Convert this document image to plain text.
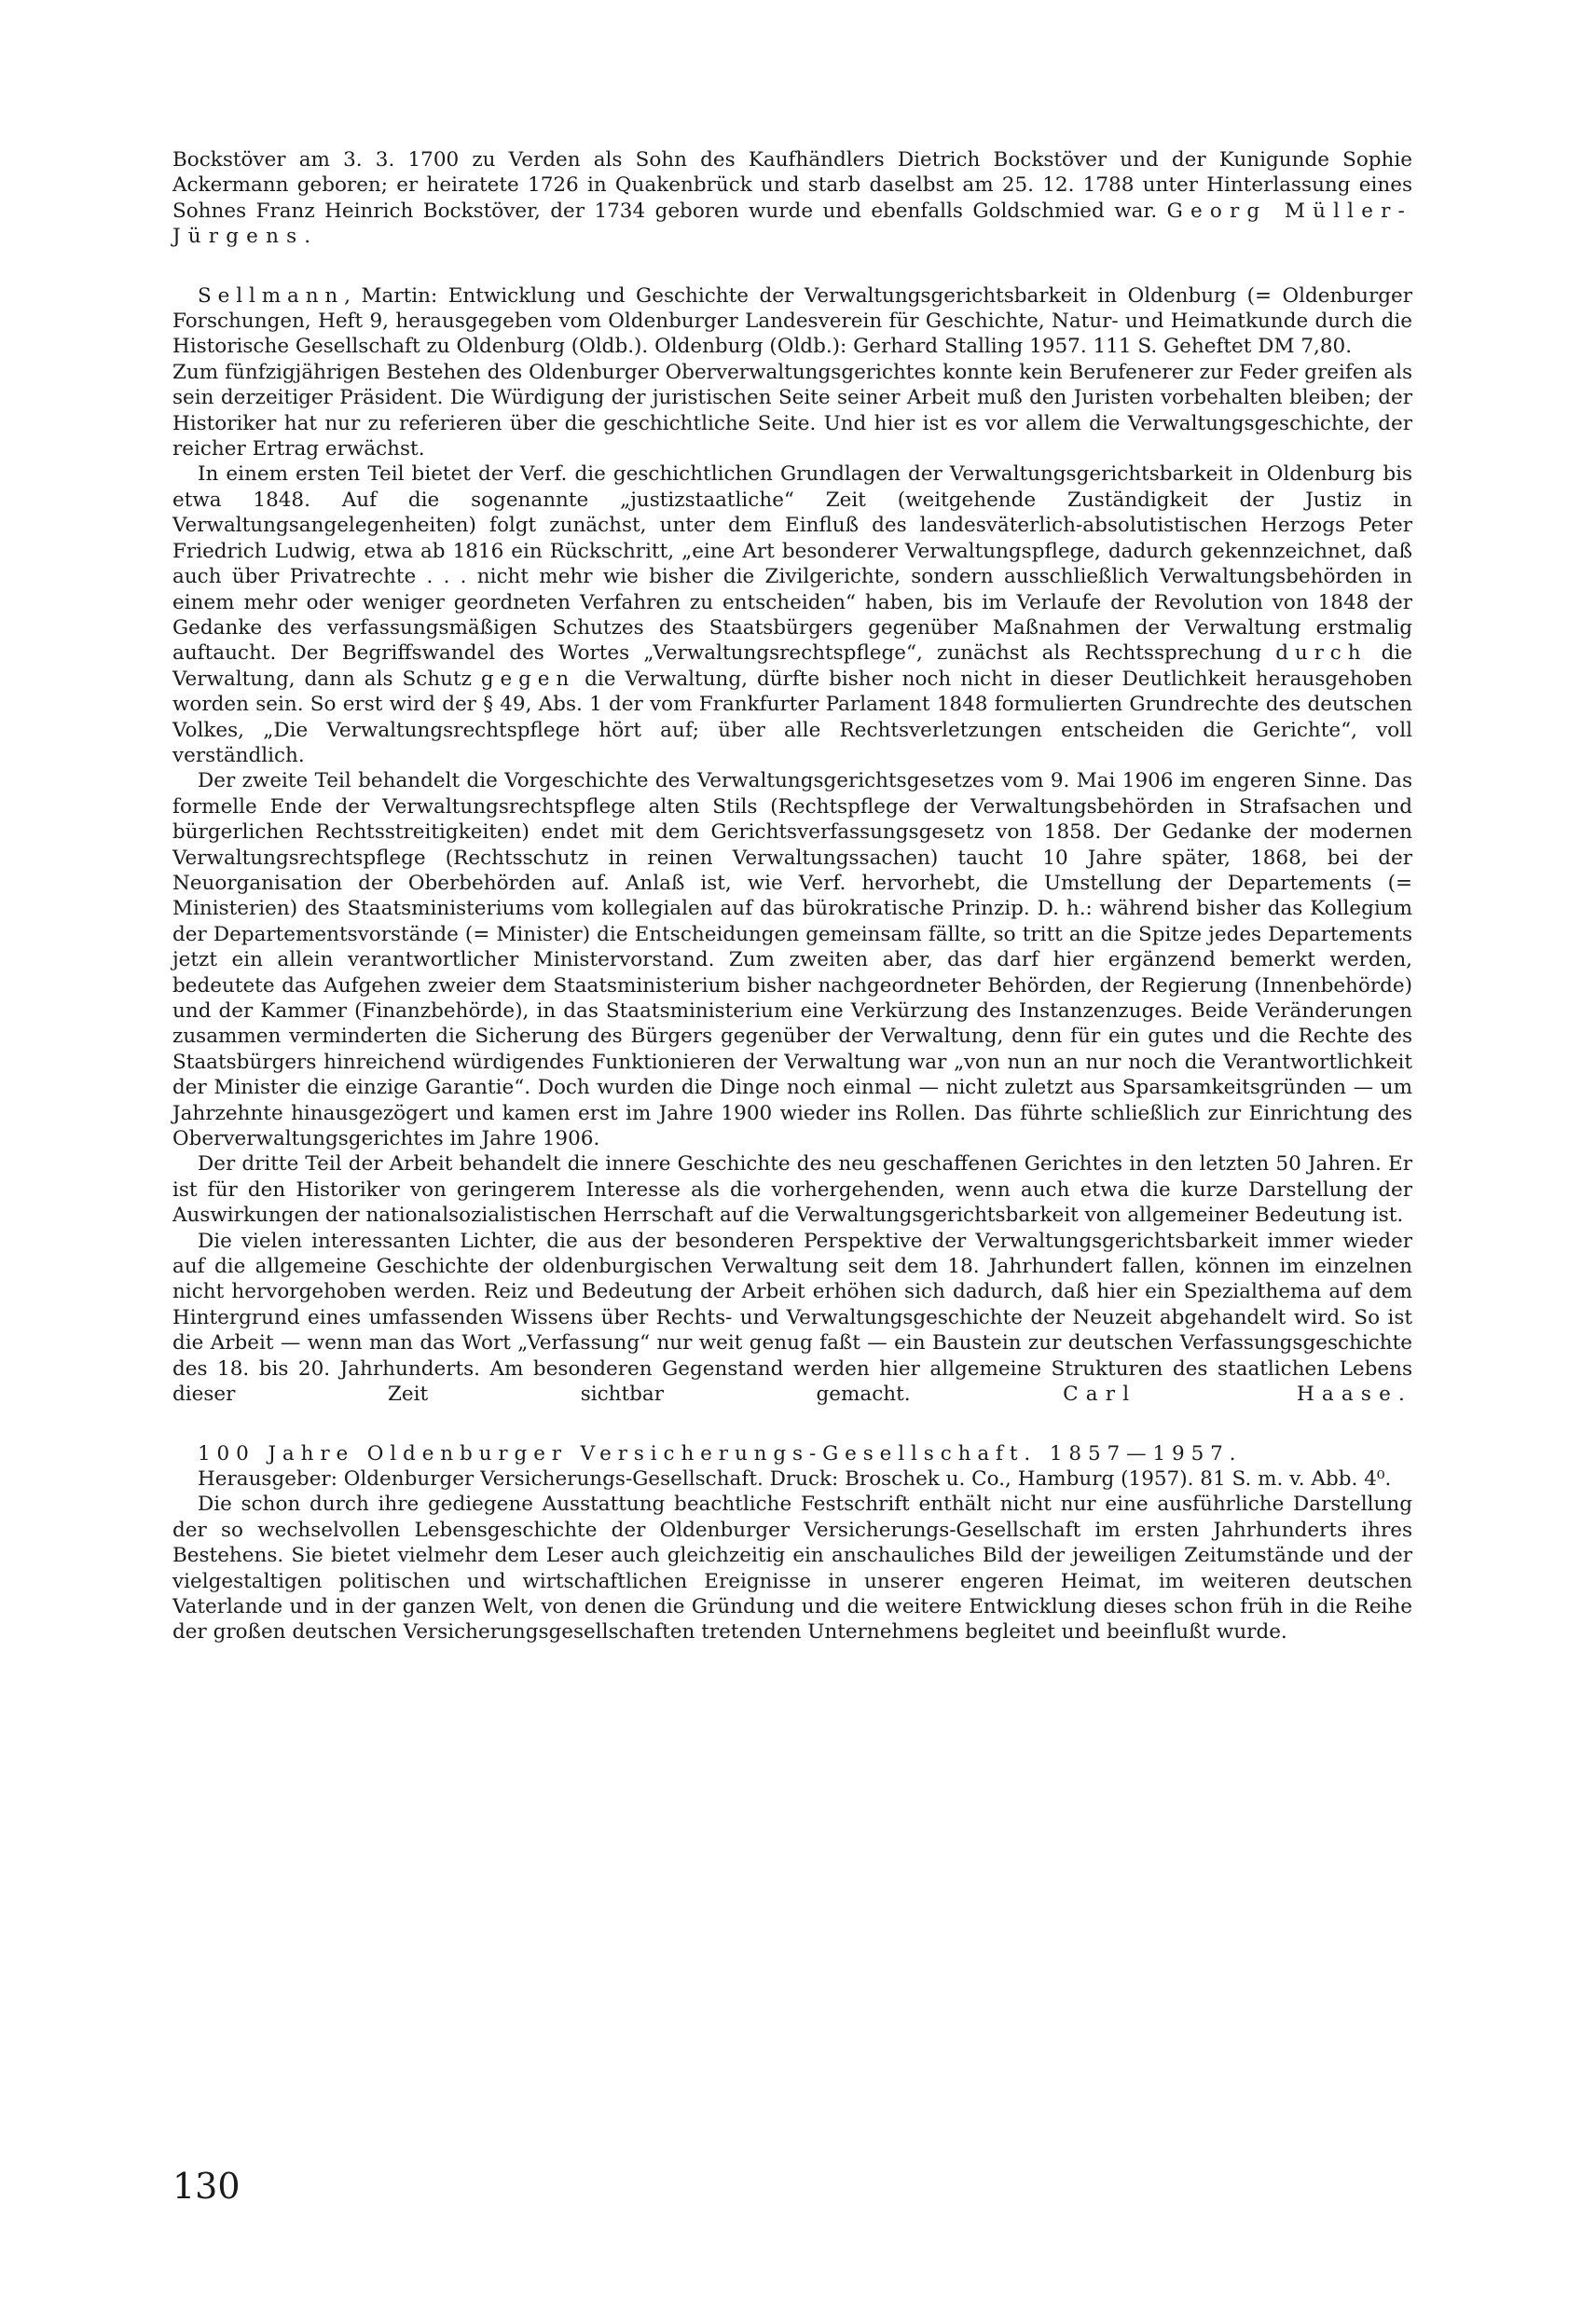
Bockstöver am 3. 3. 1700 zu Verden als Sohn des Kaufhändlers Dietrich Bockstöver und der Kunigunde Sophie Ackermann geboren; er heiratete 1726 in Quakenbrück und starb daselbst am 25. 12. 1788 unter Hinterlassung eines Sohnes Franz Heinrich Bockstöver, der 1734 geboren wurde und ebenfalls Goldschmied war. Georg Müller-Jürgens.

Sellmann, Martin: Entwicklung und Geschichte der Verwaltungsgerichtsbarkeit in Oldenburg (= Oldenburger Forschungen, Heft 9, herausgegeben vom Oldenburger Landesverein für Geschichte, Natur- und Heimatkunde durch die Historische Gesellschaft zu Oldenburg (Oldb.). Oldenburg (Oldb.): Gerhard Stalling 1957. 111 S. Geheftet DM 7,80.

Zum fünfzigjährigen Bestehen des Oldenburger Oberverwaltungsgerichtes konnte kein Berufenerer zur Feder greifen als sein derzeitiger Präsident. Die Würdigung der juristischen Seite seiner Arbeit muß den Juristen vorbehalten bleiben; der Historiker hat nur zu referieren über die geschichtliche Seite. Und hier ist es vor allem die Verwaltungsgeschichte, der reicher Ertrag erwächst.

In einem ersten Teil bietet der Verf. die geschichtlichen Grundlagen der Verwaltungsgerichtsbarkeit in Oldenburg bis etwa 1848. Auf die sogenannte „justizstaatliche“ Zeit (weitgehende Zuständigkeit der Justiz in Verwaltungsangelegenheiten) folgt zunächst, unter dem Einfluß des landesväterlich-absolutistischen Herzogs Peter Friedrich Ludwig, etwa ab 1816 ein Rückschritt, „eine Art besonderer Verwaltungspflege, dadurch gekennzeichnet, daß auch über Privatrechte . . . nicht mehr wie bisher die Zivilgerichte, sondern ausschließlich Verwaltungsbehörden in einem mehr oder weniger geordneten Verfahren zu entscheiden“ haben, bis im Verlaufe der Revolution von 1848 der Gedanke des verfassungsmäßigen Schutzes des Staatsbürgers gegenüber Maßnahmen der Verwaltung erstmalig auftaucht. Der Begriffswandel des Wortes „Verwaltungsrechtspflege“, zunächst als Rechtssprechung durch die Verwaltung, dann als Schutz gegen die Verwaltung, dürfte bisher noch nicht in dieser Deutlichkeit herausgehoben worden sein. So erst wird der § 49, Abs. 1 der vom Frankfurter Parlament 1848 formulierten Grundrechte des deutschen Volkes, „Die Verwaltungsrechtspflege hört auf; über alle Rechtsverletzungen entscheiden die Gerichte“, voll verständlich.

Der zweite Teil behandelt die Vorgeschichte des Verwaltungsgerichtsgesetzes vom 9. Mai 1906 im engeren Sinne. Das formelle Ende der Verwaltungsrechtspflege alten Stils (Rechtspflege der Verwaltungsbehörden in Strafsachen und bürgerlichen Rechtsstreitigkeiten) endet mit dem Gerichtsverfassungsgesetz von 1858. Der Gedanke der modernen Verwaltungsrechtspflege (Rechtsschutz in reinen Verwaltungssachen) taucht 10 Jahre später, 1868, bei der Neuorganisation der Oberbehörden auf. Anlaß ist, wie Verf. hervorhebt, die Umstellung der Departements (= Ministerien) des Staatsministeriums vom kollegialen auf das bürokratische Prinzip. D. h.: während bisher das Kollegium der Departementsvorstände (= Minister) die Entscheidungen gemeinsam fällte, so tritt an die Spitze jedes Departements jetzt ein allein verantwortlicher Ministervorstand. Zum zweiten aber, das darf hier ergänzend bemerkt werden, bedeutete das Aufgehen zweier dem Staatsministerium bisher nachgeordneter Behörden, der Regierung (Innenbehörde) und der Kammer (Finanzbehörde), in das Staatsministerium eine Verkürzung des Instanzenzuges. Beide Veränderungen zusammen verminderten die Sicherung des Bürgers gegenüber der Verwaltung, denn für ein gutes und die Rechte des Staatsbürgers hinreichend würdigendes Funktionieren der Verwaltung war „von nun an nur noch die Verantwortlichkeit der Minister die einzige Garantie“. Doch wurden die Dinge noch einmal — nicht zuletzt aus Sparsamkeitsgründen — um Jahrzehnte hinausgezögert und kamen erst im Jahre 1900 wieder ins Rollen. Das führte schließlich zur Einrichtung des Oberverwaltungsgerichtes im Jahre 1906.

Der dritte Teil der Arbeit behandelt die innere Geschichte des neu geschaffenen Gerichtes in den letzten 50 Jahren. Er ist für den Historiker von geringerem Interesse als die vorhergehenden, wenn auch etwa die kurze Darstellung der Auswirkungen der nationalsozialistischen Herrschaft auf die Verwaltungsgerichtsbarkeit von allgemeiner Bedeutung ist.

Die vielen interessanten Lichter, die aus der besonderen Perspektive der Verwaltungsgerichtsbarkeit immer wieder auf die allgemeine Geschichte der oldenburgischen Verwaltung seit dem 18. Jahrhundert fallen, können im einzelnen nicht hervorgehoben werden. Reiz und Bedeutung der Arbeit erhöhen sich dadurch, daß hier ein Spezialthema auf dem Hintergrund eines umfassenden Wissens über Rechts- und Verwaltungsgeschichte der Neuzeit abgehandelt wird. So ist die Arbeit — wenn man das Wort „Verfassung“ nur weit genug faßt — ein Baustein zur deutschen Verfassungsgeschichte des 18. bis 20. Jahrhunderts. Am besonderen Gegenstand werden hier allgemeine Strukturen des staatlichen Lebens dieser Zeit sichtbar gemacht.	Carl Haase.

100 Jahre Oldenburger Versicherungs-Gesellschaft. 1857—1957.

Herausgeber: Oldenburger Versicherungs-Gesellschaft. Druck: Broschek u. Co., Hamburg (1957). 81 S. m. v. Abb. 4⁰.

Die schon durch ihre gediegene Ausstattung beachtliche Festschrift enthält nicht nur eine ausführliche Darstellung der so wechselvollen Lebensgeschichte der Oldenburger Versicherungs-Gesellschaft im ersten Jahrhunderts ihres Bestehens. Sie bietet vielmehr dem Leser auch gleichzeitig ein anschauliches Bild der jeweiligen Zeitumstände und der vielgestaltigen politischen und wirtschaftlichen Ereignisse in unserer engeren Heimat, im weiteren deutschen Vaterlande und in der ganzen Welt, von denen die Gründung und die weitere Entwicklung dieses schon früh in die Reihe der großen deutschen Versicherungsgesellschaften tretenden Unternehmens begleitet und beeinflußt wurde.

130
